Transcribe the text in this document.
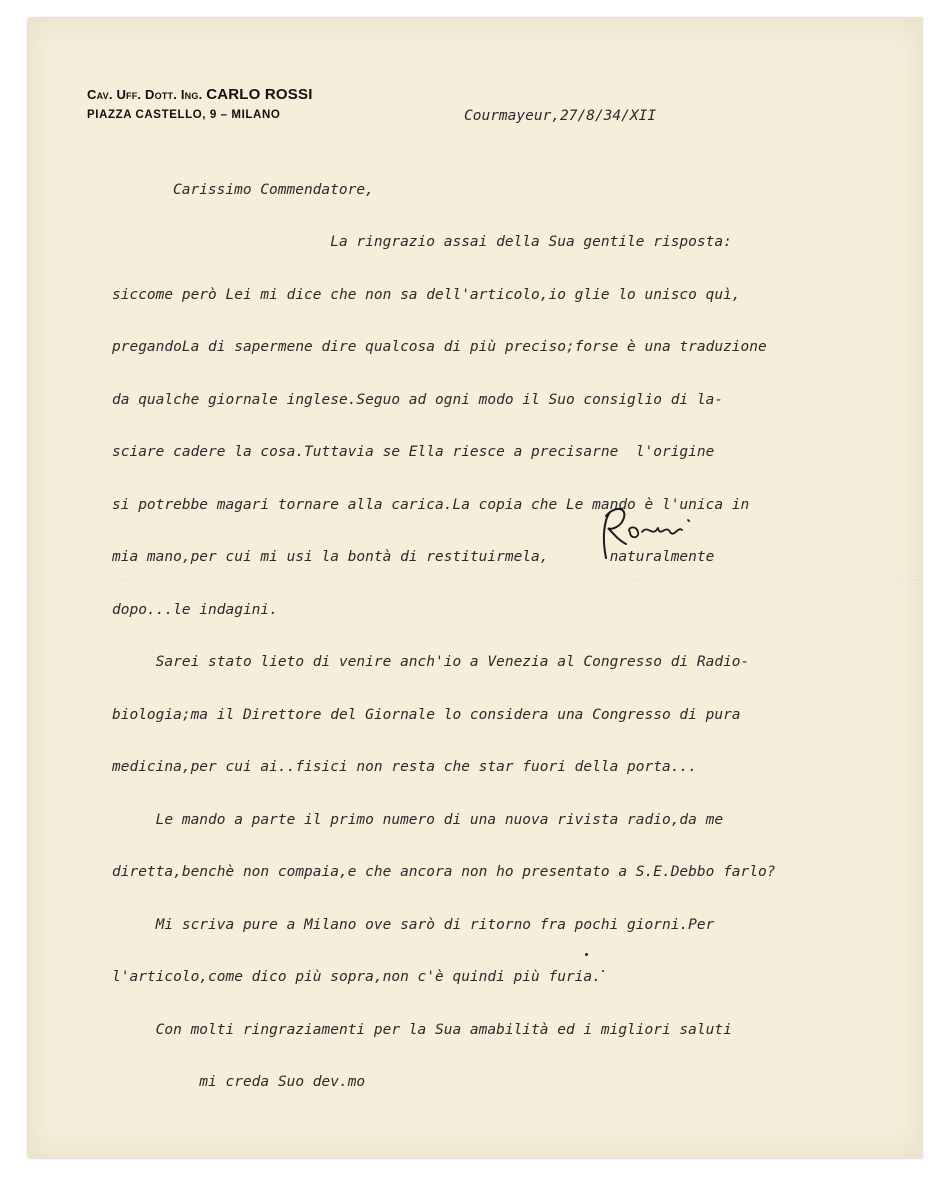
Cav. Uff. Dott. Ing. CARLO ROSSI
PIAZZA CASTELLO, 9 – MILANO	Courmayeur,27/8/34/XII
Carissimo Commendatore,

La ringrazio assai della Sua gentile risposta:

siccome però Lei mi dice che non sa dell'articolo,io glie lo unisco quì,

pregandoLa di sapermene dire qualcosa di più preciso;forse è una traduzione

da qualche giornale inglese.Seguo ad ogni modo il Suo consiglio di la-

sciare cadere la cosa.Tuttavia se Ella riesce a precisarne  l'origine

si potrebbe magari tornare alla carica.La copia che Le mando è l'unica in

mia mano,per cui mi usi la bontà di restituirmela,       naturalmente

dopo...le indagini.

Sarei stato lieto di venire anch'io a Venezia al Congresso di Radio-

biologia;ma il Direttore del Giornale lo considera una Congresso di pura

medicina,per cui ai..fisici non resta che star fuori della porta...

Le mando a parte il primo numero di una nuova rivista radio,da me

diretta,benchè non compaia,e che ancora non ho presentato a S.E.Debbo farlo?

Mi scriva pure a Milano ove sarò di ritorno fra pochi giorni.Per

l'articolo,come dico più sopra,non c'è quindi più furia.

Con molti ringraziamenti per la Sua amabilità ed i migliori saluti

mi creda Suo dev.mo
